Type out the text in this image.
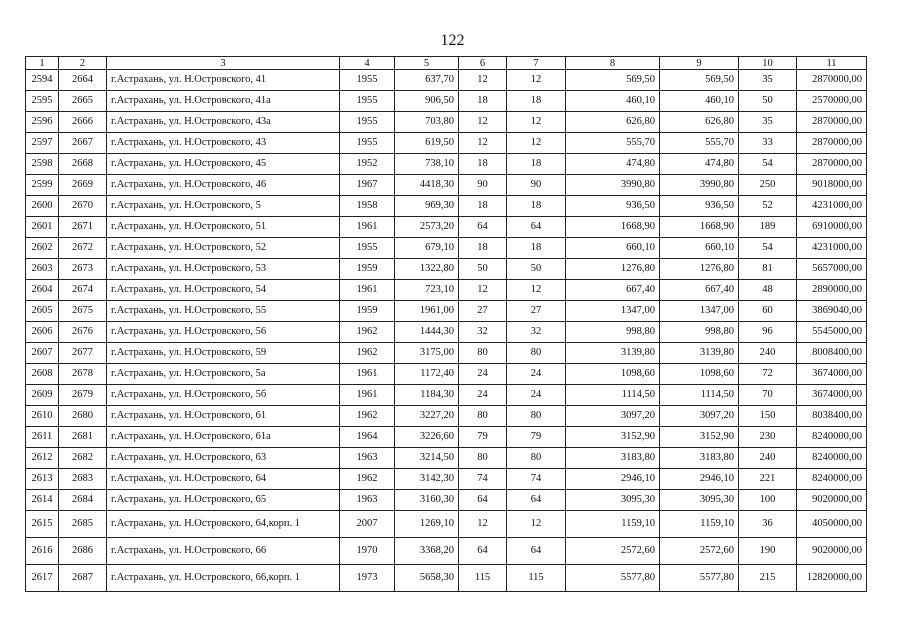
122
1	2	3	4	5	6	7	8	9	10	11
2594	2664	г.Астрахань, ул. Н.Островского, 41	1955	637,70	12	12	569,50	569,50	35	2870000,00
2595	2665	г.Астрахань, ул. Н.Островского, 41а	1955	906,50	18	18	460,10	460,10	50	2570000,00
2596	2666	г.Астрахань, ул. Н.Островского, 43а	1955	703,80	12	12	626,80	626,80	35	2870000,00
2597	2667	г.Астрахань, ул. Н.Островского, 43	1955	619,50	12	12	555,70	555,70	33	2870000,00
2598	2668	г.Астрахань, ул. Н.Островского, 45	1952	738,10	18	18	474,80	474,80	54	2870000,00
2599	2669	г.Астрахань, ул. Н.Островского, 46	1967	4418,30	90	90	3990,80	3990,80	250	9018000,00
2600	2670	г.Астрахань, ул. Н.Островского, 5	1958	969,30	18	18	936,50	936,50	52	4231000,00
2601	2671	г.Астрахань, ул. Н.Островского, 51	1961	2573,20	64	64	1668,90	1668,90	189	6910000,00
2602	2672	г.Астрахань, ул. Н.Островского, 52	1955	679,10	18	18	660,10	660,10	54	4231000,00
2603	2673	г.Астрахань, ул. Н.Островского, 53	1959	1322,80	50	50	1276,80	1276,80	81	5657000,00
2604	2674	г.Астрахань, ул. Н.Островского, 54	1961	723,10	12	12	667,40	667,40	48	2890000,00
2605	2675	г.Астрахань, ул. Н.Островского, 55	1959	1961,00	27	27	1347,00	1347,00	60	3869040,00
2606	2676	г.Астрахань, ул. Н.Островского, 56	1962	1444,30	32	32	998,80	998,80	96	5545000,00
2607	2677	г.Астрахань, ул. Н.Островского, 59	1962	3175,00	80	80	3139,80	3139,80	240	8008400,00
2608	2678	г.Астрахань, ул. Н.Островского, 5а	1961	1172,40	24	24	1098,60	1098,60	72	3674000,00
2609	2679	г.Астрахань, ул. Н.Островского, 5б	1961	1184,30	24	24	1114,50	1114,50	70	3674000,00
2610	2680	г.Астрахань, ул. Н.Островского, 61	1962	3227,20	80	80	3097,20	3097,20	150	8038400,00
2611	2681	г.Астрахань, ул. Н.Островского, 61а	1964	3226,60	79	79	3152,90	3152,90	230	8240000,00
2612	2682	г.Астрахань, ул. Н.Островского, 63	1963	3214,50	80	80	3183,80	3183,80	240	8240000,00
2613	2683	г.Астрахань, ул. Н.Островского, 64	1962	3142,30	74	74	2946,10	2946,10	221	8240000,00
2614	2684	г.Астрахань, ул. Н.Островского, 65	1963	3160,30	64	64	3095,30	3095,30	100	9020000,00
2615	2685	г.Астрахань, ул. Н.Островского, 64,корп. 1	2007	1269,10	12	12	1159,10	1159,10	36	4050000,00
2616	2686	г.Астрахань, ул. Н.Островского, 66	1970	3368,20	64	64	2572,60	2572,60	190	9020000,00
2617	2687	г.Астрахань, ул. Н.Островского, 66,корп. 1	1973	5658,30	115	115	5577,80	5577,80	215	12820000,00
